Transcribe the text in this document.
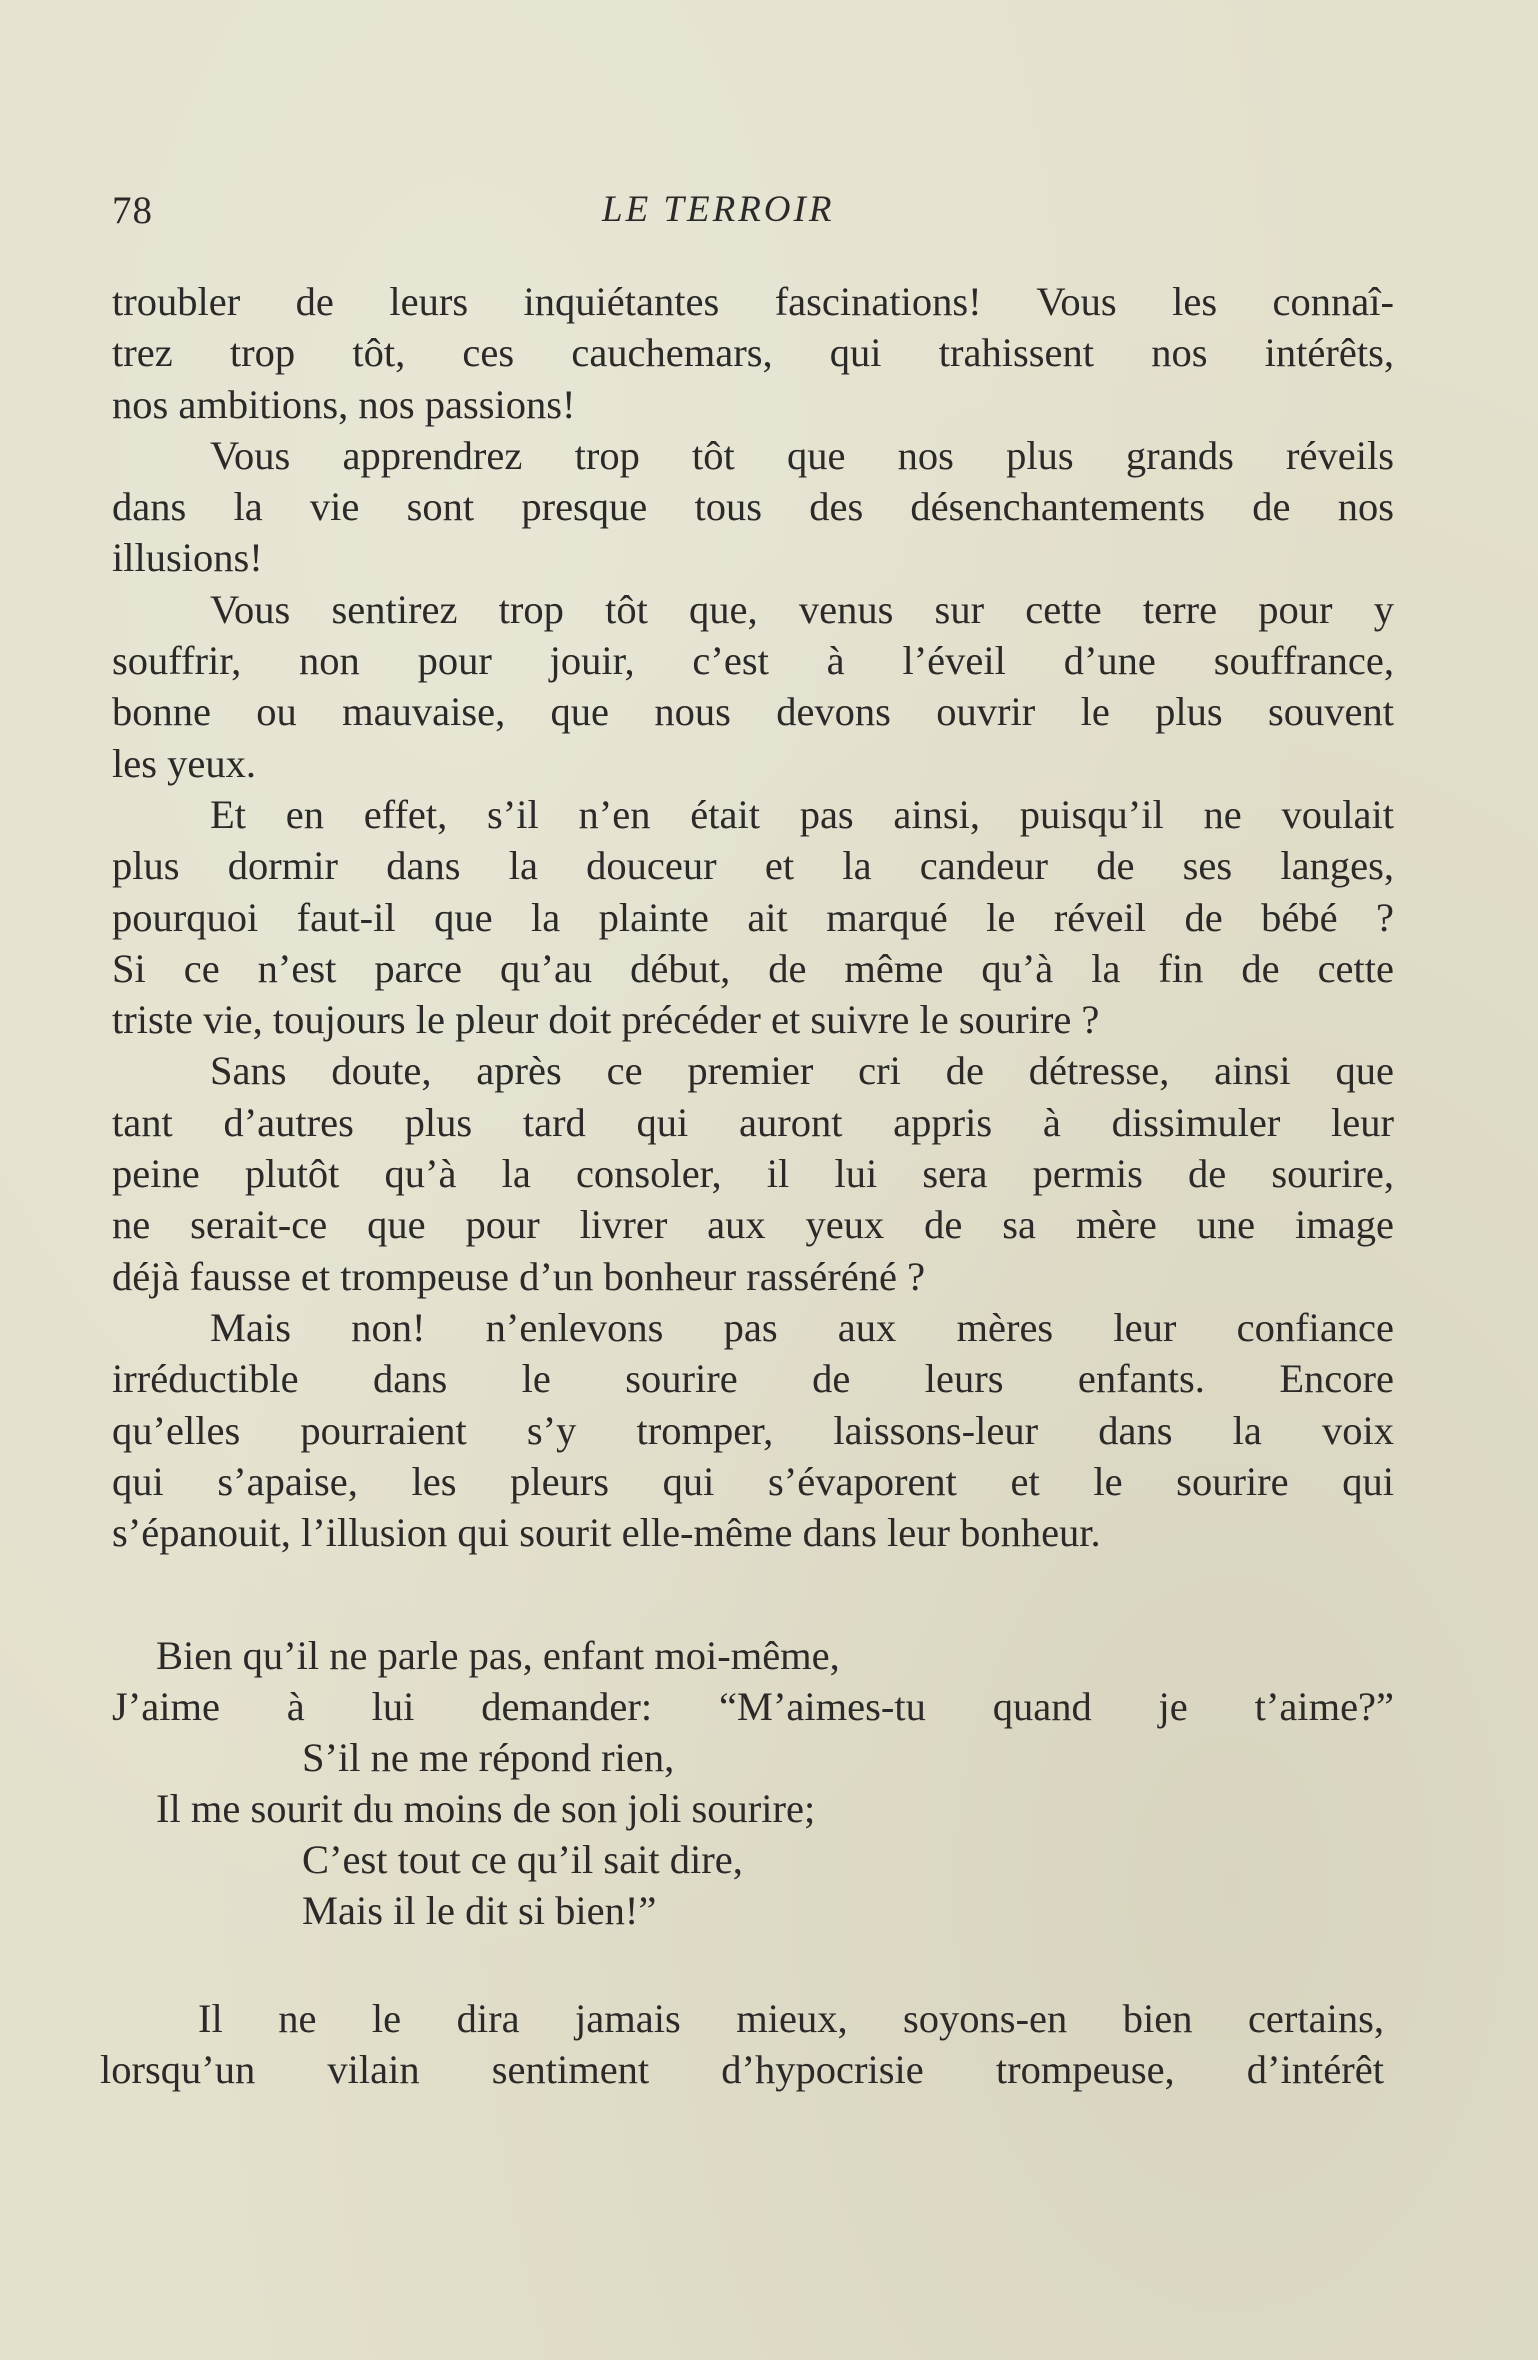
78	LE TERROIR
troubler de leurs inquiétantes fascinations! Vous les connaî-
trez trop tôt, ces cauchemars, qui trahissent nos intérêts,
nos ambitions, nos passions!
Vous apprendrez trop tôt que nos plus grands réveils
dans la vie sont presque tous des désenchantements de nos
illusions!
Vous sentirez trop tôt que, venus sur cette terre pour y
souffrir, non pour jouir, c’est à l’éveil d’une souffrance,
bonne ou mauvaise, que nous devons ouvrir le plus souvent
les yeux.
Et en effet, s’il n’en était pas ainsi, puisqu’il ne voulait
plus dormir dans la douceur et la candeur de ses langes,
pourquoi faut-il que la plainte ait marqué le réveil de bébé ?
Si ce n’est parce qu’au début, de même qu’à la fin de cette
triste vie, toujours le pleur doit précéder et suivre le sourire ?
Sans doute, après ce premier cri de détresse, ainsi que
tant d’autres plus tard qui auront appris à dissimuler leur
peine plutôt qu’à la consoler, il lui sera permis de sourire,
ne serait-ce que pour livrer aux yeux de sa mère une image
déjà fausse et trompeuse d’un bonheur rasséréné ?
Mais non! n’enlevons pas aux mères leur confiance
irréductible dans le sourire de leurs enfants. Encore
qu’elles pourraient s’y tromper, laissons-leur dans la voix
qui s’apaise, les pleurs qui s’évaporent et le sourire qui
s’épanouit, l’illusion qui sourit elle-même dans leur bonheur.
Bien qu’il ne parle pas, enfant moi-même,
J’aime à lui demander: “M’aimes-tu quand je t’aime?”
S’il ne me répond rien,
Il me sourit du moins de son joli sourire;
C’est tout ce qu’il sait dire,
Mais il le dit si bien!”
Il ne le dira jamais mieux, soyons-en bien certains,
lorsqu’un vilain sentiment d’hypocrisie trompeuse, d’intérêt
